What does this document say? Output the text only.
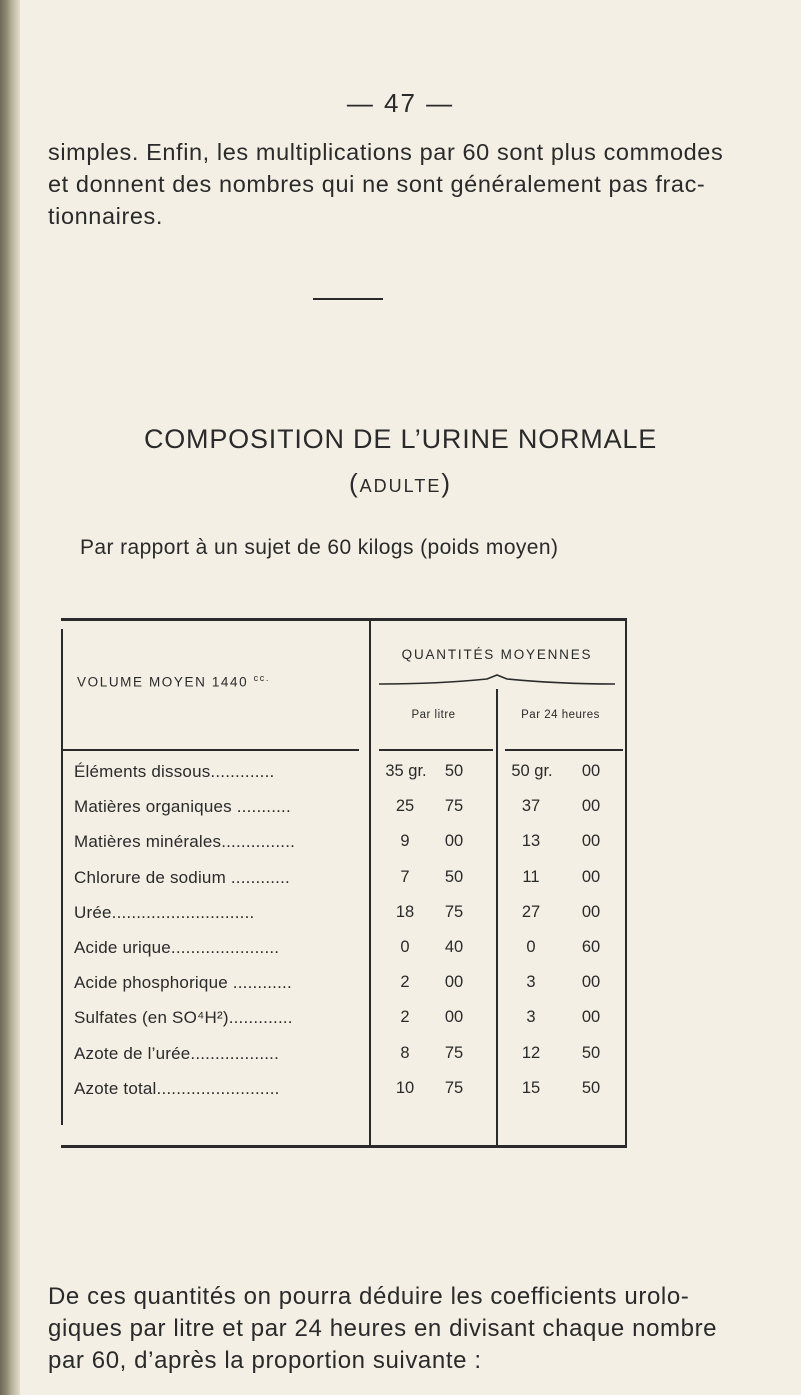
— 47 —
simples. Enfin, les multiplications par 60 sont plus commodes
et donnent des nombres qui ne sont généralement pas frac-
tionnaires.
COMPOSITION DE L’URINE NORMALE
(ADULTE)
Par rapport à un sujet de 60 kilogs (poids moyen)
VOLUME MOYEN 1440 $^{cc.}$
QUANTITÉS MOYENNES
Par litre	Par 24 heures
Éléments dissous.............	35 gr.	50	50 gr.	00
Matières organiques ...........	25	75	37	00
Matières minérales...............	9	00	13	00
Chlorure de sodium ............	7	50	11	00
Urée.............................	18	75	27	00
Acide urique......................	0	40	0	60
Acide phosphorique ............	2	00	3	00
Sulfates (en SO⁴H²).............	2	00	3	00
Azote de l’urée..................	8	75	12	50
Azote total.........................	10	75	15	50
De ces quantités on pourra déduire les coefficients urolo-
giques par litre et par 24 heures en divisant chaque nombre
par 60, d’après la proportion suivante :
